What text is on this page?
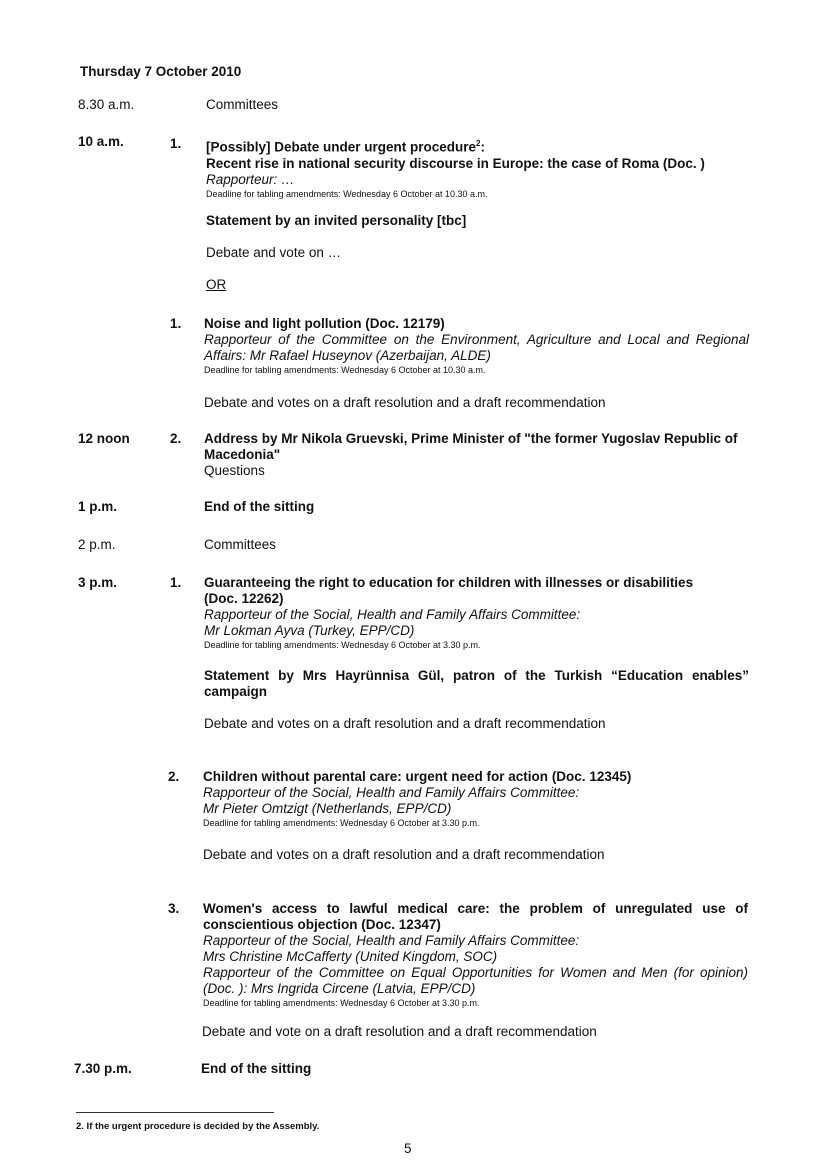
Thursday 7 October 2010
8.30 a.m.	Committees
10 a.m.	1. [Possibly] Debate under urgent procedure$^2$:
Recent rise in national security discourse in Europe: the case of Roma (Doc. )
Rapporteur: …
Deadline for tabling amendments: Wednesday 6 October at 10.30 a.m.
Statement by an invited personality [tbc]
Debate and vote on …
OR
1. Noise and light pollution (Doc. 12179)
Rapporteur of the Committee on the Environment, Agriculture and Local and Regional Affairs: Mr Rafael Huseynov (Azerbaijan, ALDE)
Deadline for tabling amendments: Wednesday 6 October at 10.30 a.m.
Debate and votes on a draft resolution and a draft recommendation
12 noon	2. Address by Mr Nikola Gruevski, Prime Minister of "the former Yugoslav Republic of Macedonia"
Questions
1 p.m.	End of the sitting
2 p.m.	Committees
3 p.m.	1. Guaranteeing the right to education for children with illnesses or disabilities
(Doc. 12262)
Rapporteur of the Social, Health and Family Affairs Committee:
Mr Lokman Ayva (Turkey, EPP/CD)
Deadline for tabling amendments: Wednesday 6 October at 3.30 p.m.
Statement by Mrs Hayrünnisa Gül, patron of the Turkish “Education enables” campaign
Debate and votes on a draft resolution and a draft recommendation
2. Children without parental care: urgent need for action (Doc. 12345)
Rapporteur of the Social, Health and Family Affairs Committee:
Mr Pieter Omtzigt (Netherlands, EPP/CD)
Deadline for tabling amendments: Wednesday 6 October at 3.30 p.m.
Debate and votes on a draft resolution and a draft recommendation
3. Women's access to lawful medical care: the problem of unregulated use of conscientious objection (Doc. 12347)
Rapporteur of the Social, Health and Family Affairs Committee:
Mrs Christine McCafferty (United Kingdom, SOC)
Rapporteur of the Committee on Equal Opportunities for Women and Men (for opinion) (Doc. ): Mrs Ingrida Circene (Latvia, EPP/CD)
Deadline for tabling amendments: Wednesday 6 October at 3.30 p.m.
Debate and vote on a draft resolution and a draft recommendation
7.30 p.m.	End of the sitting
2. If the urgent procedure is decided by the Assembly.
5
